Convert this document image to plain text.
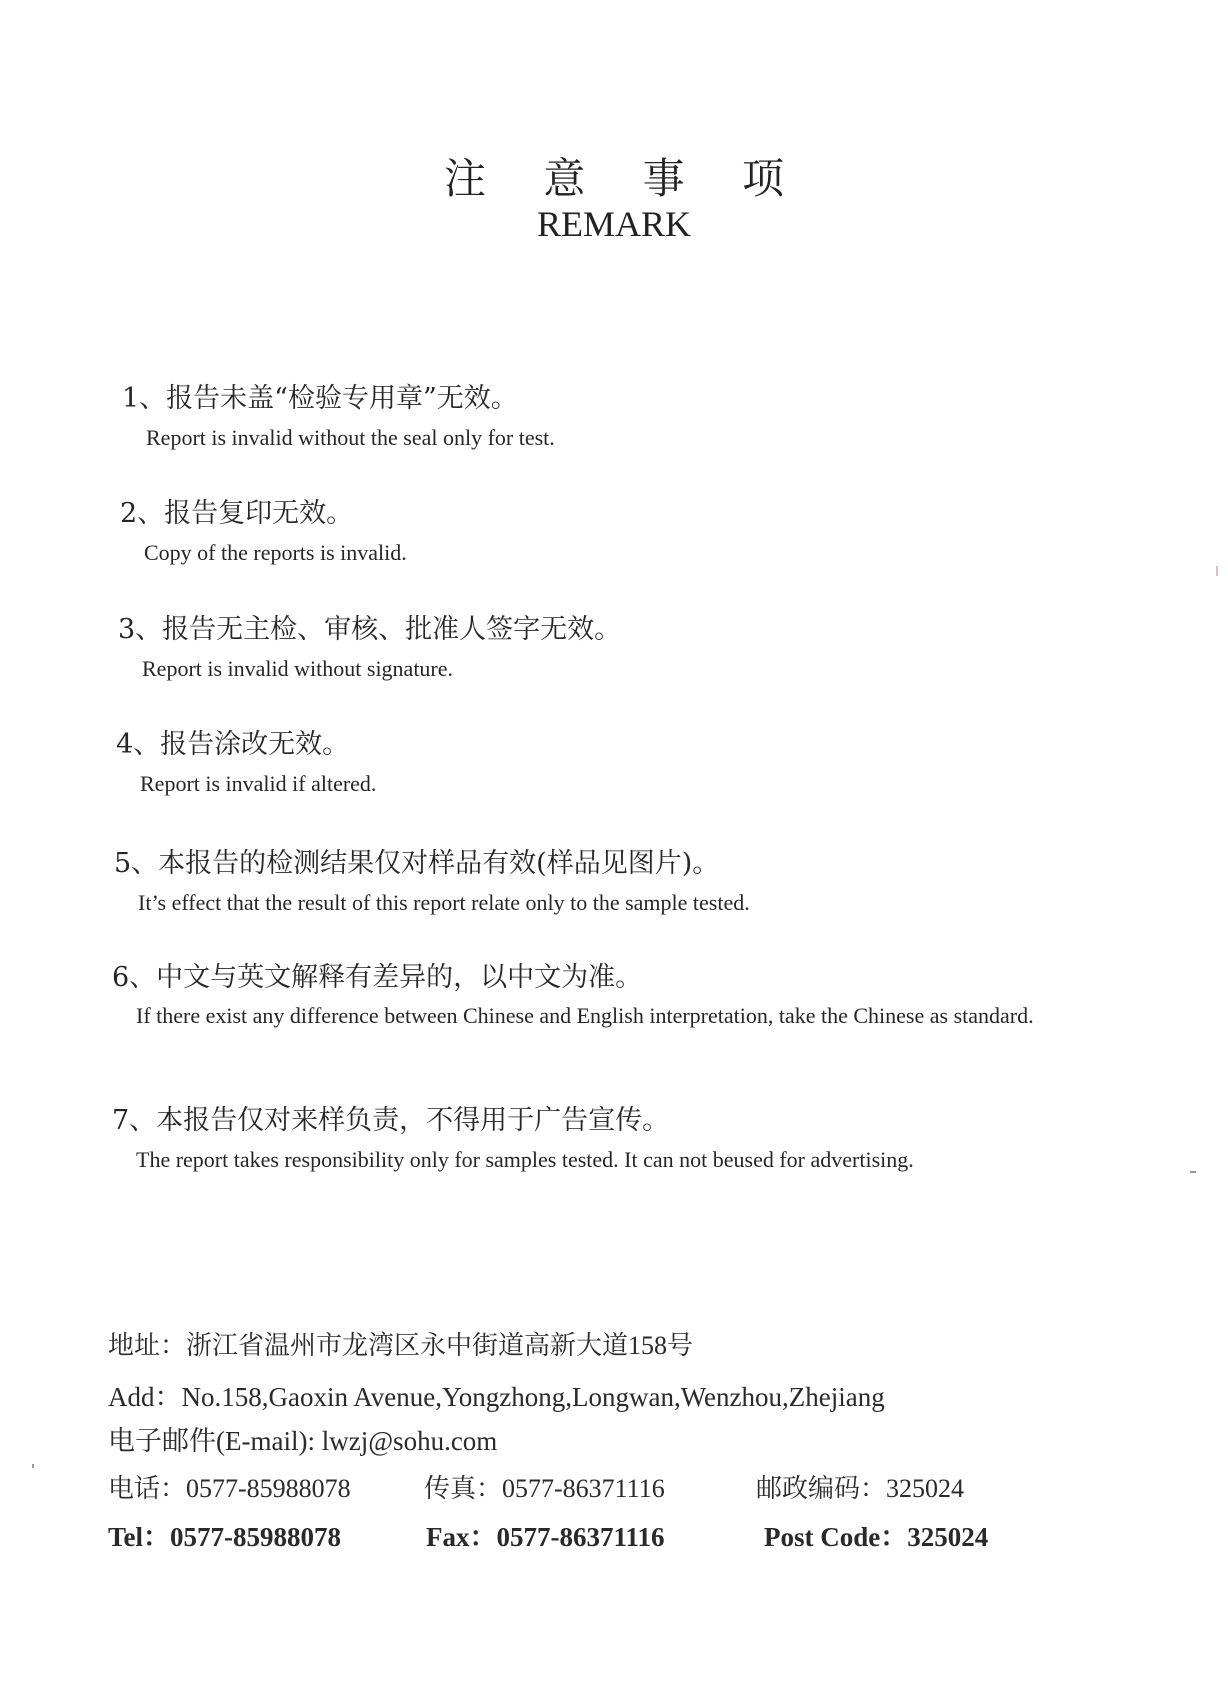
注 意 事 项
REMARK
1、报告未盖“检验专用章”无效。
Report is invalid without the seal only for test.
2、报告复印无效。
Copy of the reports is invalid.
3、报告无主检、审核、批准人签字无效。
Report is invalid without signature.
4、报告涂改无效。
Report is invalid if altered.
5、本报告的检测结果仅对样品有效(样品见图片)。
It’s effect that the result of this report relate only to the sample tested.
6、中文与英文解释有差异的，以中文为准。
If there exist any difference between Chinese and English interpretation, take the Chinese as standard.
7、本报告仅对来样负责，不得用于广告宣传。
The report takes responsibility only for samples tested. It can not beused for advertising.
地址：浙江省温州市龙湾区永中街道高新大道158号
Add：No.158,Gaoxin Avenue,Yongzhong,Longwan,Wenzhou,Zhejiang
电子邮件(E-mail): lwzj@sohu.com
电话：0577-85988078	传真：0577-86371116	邮政编码：325024
Tel：0577-85988078	Fax：0577-86371116	Post Code：325024
